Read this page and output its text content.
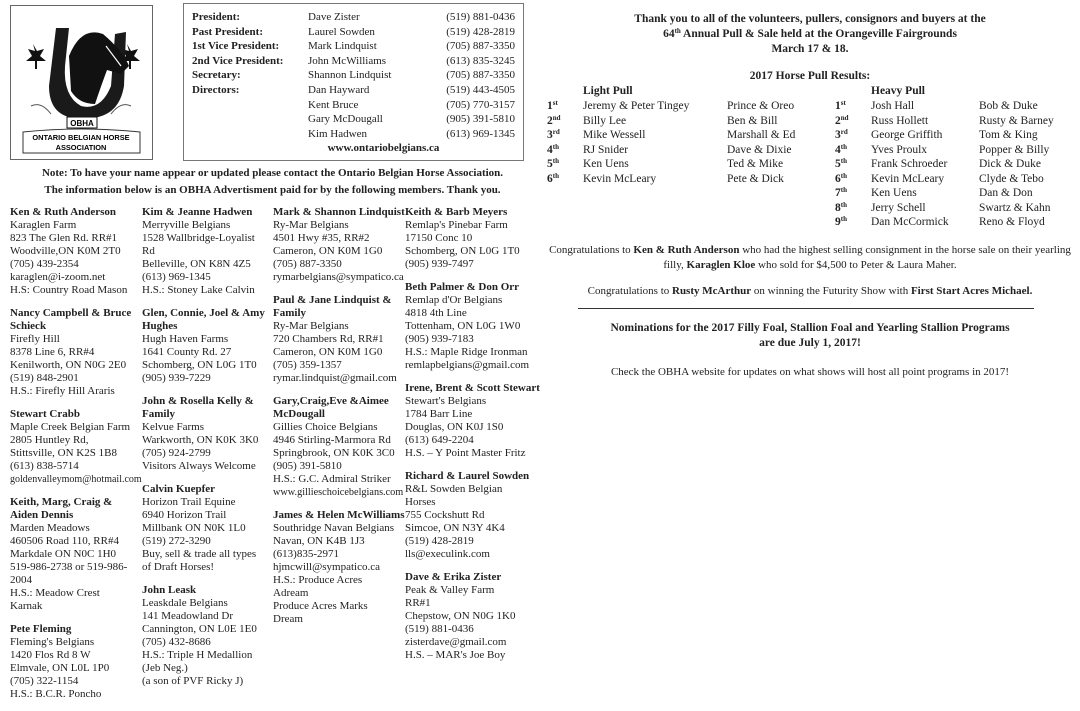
OBHA
ONTARIO BELGIAN HORSE
ASSOCIATION
President:	Dave Zister	(519) 881-0436
Past President:	Laurel Sowden	(519) 428-2819
1st Vice President:	Mark Lindquist	(705) 887-3350
2nd Vice President:	John McWilliams	(613) 835-3245
Secretary:	Shannon Lindquist	(705) 887-3350
Directors:	Dan Hayward	(519) 443-4505
Kent Bruce	(705) 770-3157
Gary McDougall	(905) 391-5810
Kim Hadwen	(613) 969-1345
www.ontariobelgians.ca
Note: To have your name appear or updated please contact the Ontario Belgian Horse Association.
The information below is an OBHA Advertisment paid for by the following members. Thank you.
Ken & Ruth Anderson
Karaglen Farm
823 The Glen Rd. RR#1
Woodville,ON K0M 2T0
(705) 439-2354
karaglen@i-zoom.net
H.S: Country Road Mason
Nancy Campbell & Bruce Schieck
Firefly Hill
8378 Line 6, RR#4
Kenilworth, ON N0G 2E0
(519) 848-2901
H.S.: Firefly Hill Araris
Stewart Crabb
Maple Creek Belgian Farm
2805 Huntley Rd,
Stittsville, ON K2S 1B8
(613) 838-5714
goldenvalleymom@hotmail.com
Keith, Marg, Craig & Aiden Dennis
Marden Meadows
460506 Road 110, RR#4
Markdale ON N0C 1H0
519-986-2738 or 519-986-
2004
H.S.: Meadow Crest
Karnak
Pete Fleming
Fleming's Belgians
1420 Flos Rd 8 W
Elmvale, ON L0L 1P0
(705) 322-1154
H.S.: B.C.R. Poncho
Kim & Jeanne Hadwen
Merryville Belgians
1528 Wallbridge-Loyalist
Rd
Belleville, ON K8N 4Z5
(613) 969-1345
H.S.: Stoney Lake Calvin
Glen, Connie, Joel & Amy Hughes
Hugh Haven Farms
1641 County Rd. 27
Schomberg, ON L0G 1T0
(905) 939-7229
John & Rosella Kelly & Family
Kelvue Farms
Warkworth, ON K0K 3K0
(705) 924-2799
Visitors Always Welcome
Calvin Kuepfer
Horizon Trail Equine
6940 Horizon Trail
Millbank ON N0K 1L0
(519) 272-3290
Buy, sell & trade all types
of Draft Horses!
John Leask
Leaskdale Belgians
141 Meadowland Dr
Cannington, ON L0E 1E0
(705) 432-8686
H.S.: Triple H Medallion
(Jeb Neg.)
(a son of PVF Ricky J)
Mark & Shannon Lindquist
Ry-Mar Belgians
4501 Hwy #35, RR#2
Cameron, ON K0M 1G0
(705) 887-3350
rymarbelgians@sympatico.ca
Paul & Jane Lindquist & Family
Ry-Mar Belgians
720 Chambers Rd, RR#1
Cameron, ON K0M 1G0
(705) 359-1357
rymar.lindquist@gmail.com
Gary,Craig,Eve &Aimee McDougall
Gillies Choice Belgians
4946 Stirling-Marmora Rd
Springbrook, ON K0K 3C0
(905) 391-5810
H.S.: G.C. Admiral Striker
www.gillieschoicebelgians.com
James & Helen McWilliams
Southridge Navan Belgians
Navan, ON K4B 1J3
(613)835-2971
hjmcwill@sympatico.ca
H.S.: Produce Acres
Adream
Produce Acres Marks
Dream
Keith & Barb Meyers
Remlap's Pinebar Farm
17150 Conc 10
Schomberg, ON L0G 1T0
(905) 939-7497
Beth Palmer & Don Orr
Remlap d'Or Belgians
4818 4th Line
Tottenham, ON L0G 1W0
(905) 939-7183
H.S.: Maple Ridge Ironman
remlapbelgians@gmail.com
Irene, Brent & Scott Stewart
Stewart's Belgians
1784 Barr Line
Douglas, ON K0J 1S0
(613) 649-2204
H.S. – Y Point Master Fritz
Richard & Laurel Sowden
R&L Sowden Belgian
Horses
755 Cockshutt Rd
Simcoe, ON N3Y 4K4
(519) 428-2819
lls@execulink.com
Dave & Erika Zister
Peak & Valley Farm
RR#1
Chepstow, ON N0G 1K0
(519) 881-0436
zisterdave@gmail.com
H.S. – MAR's Joe Boy
Thank you to all of the volunteers, pullers, consignors and buyers at the
64th Annual Pull & Sale held at the Orangeville Fairgrounds
March 17 & 18.
2017 Horse Pull Results:
Light Pull
1st Jeremy & Peter Tingey	Prince & Oreo
2nd Billy Lee	Ben & Bill
3rd Mike Wessell	Marshall & Ed
4th RJ Snider	Dave & Dixie
5th Ken Uens	Ted & Mike
6th Kevin McLeary	Pete & Dick
Heavy Pull
1st Josh Hall	Bob & Duke
2nd Russ Hollett	Rusty & Barney
3rd George Griffith	Tom & King
4th Yves Proulx	Popper & Billy
5th Frank Schroeder	Dick & Duke
6th Kevin McLeary	Clyde & Tebo
7th Ken Uens	Dan & Don
8th Jerry Schell	Swartz & Kahn
9th Dan McCormick	Reno & Floyd
Congratulations to Ken & Ruth Anderson who had the highest selling consignment in the horse sale on their yearling filly, Karaglen Kloe who sold for $4,500 to Peter & Laura Maher.
Congratulations to Rusty McArthur on winning the Futurity Show with First Start Acres Michael.
Nominations for the 2017 Filly Foal, Stallion Foal and Yearling Stallion Programs
are due July 1, 2017!
Check the OBHA website for updates on what shows will host all point programs in 2017!
